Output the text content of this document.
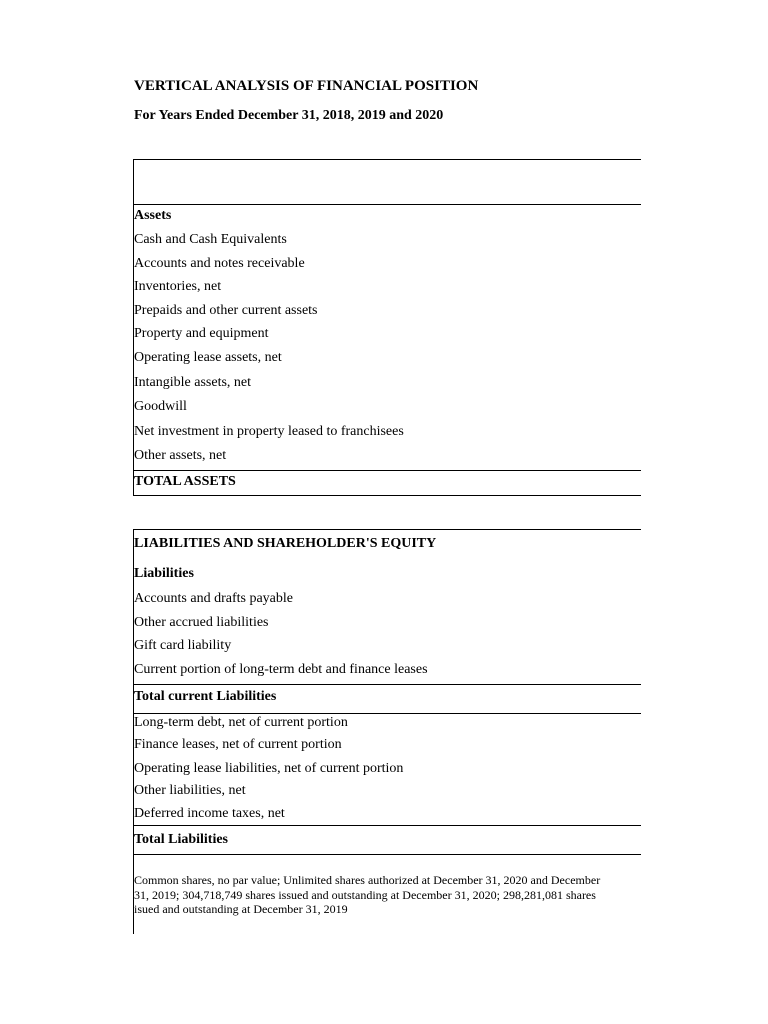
VERTICAL ANALYSIS OF FINANCIAL POSITION
For Years Ended December 31, 2018, 2019 and 2020
Assets
Cash and Cash Equivalents
Accounts and notes receivable
Inventories, net
Prepaids and other current assets
Property and equipment
Operating lease assets, net
Intangible assets, net
Goodwill
Net investment in property leased to franchisees
Other assets, net
TOTAL ASSETS
LIABILITIES AND SHAREHOLDER'S EQUITY
Liabilities
Accounts and drafts payable
Other accrued liabilities
Gift card liability
Current portion of long-term debt and finance leases
Total current Liabilities
Long-term debt, net of current portion
Finance leases, net of current portion
Operating lease liabilities, net of current portion
Other liabilities, net
Deferred income taxes, net
Total Liabilities
Common shares, no par value; Unlimited shares authorized at December 31, 2020 and December 31, 2019; 304,718,749 shares issued and outstanding at December 31, 2020; 298,281,081 shares isued and outstanding at December 31, 2019
